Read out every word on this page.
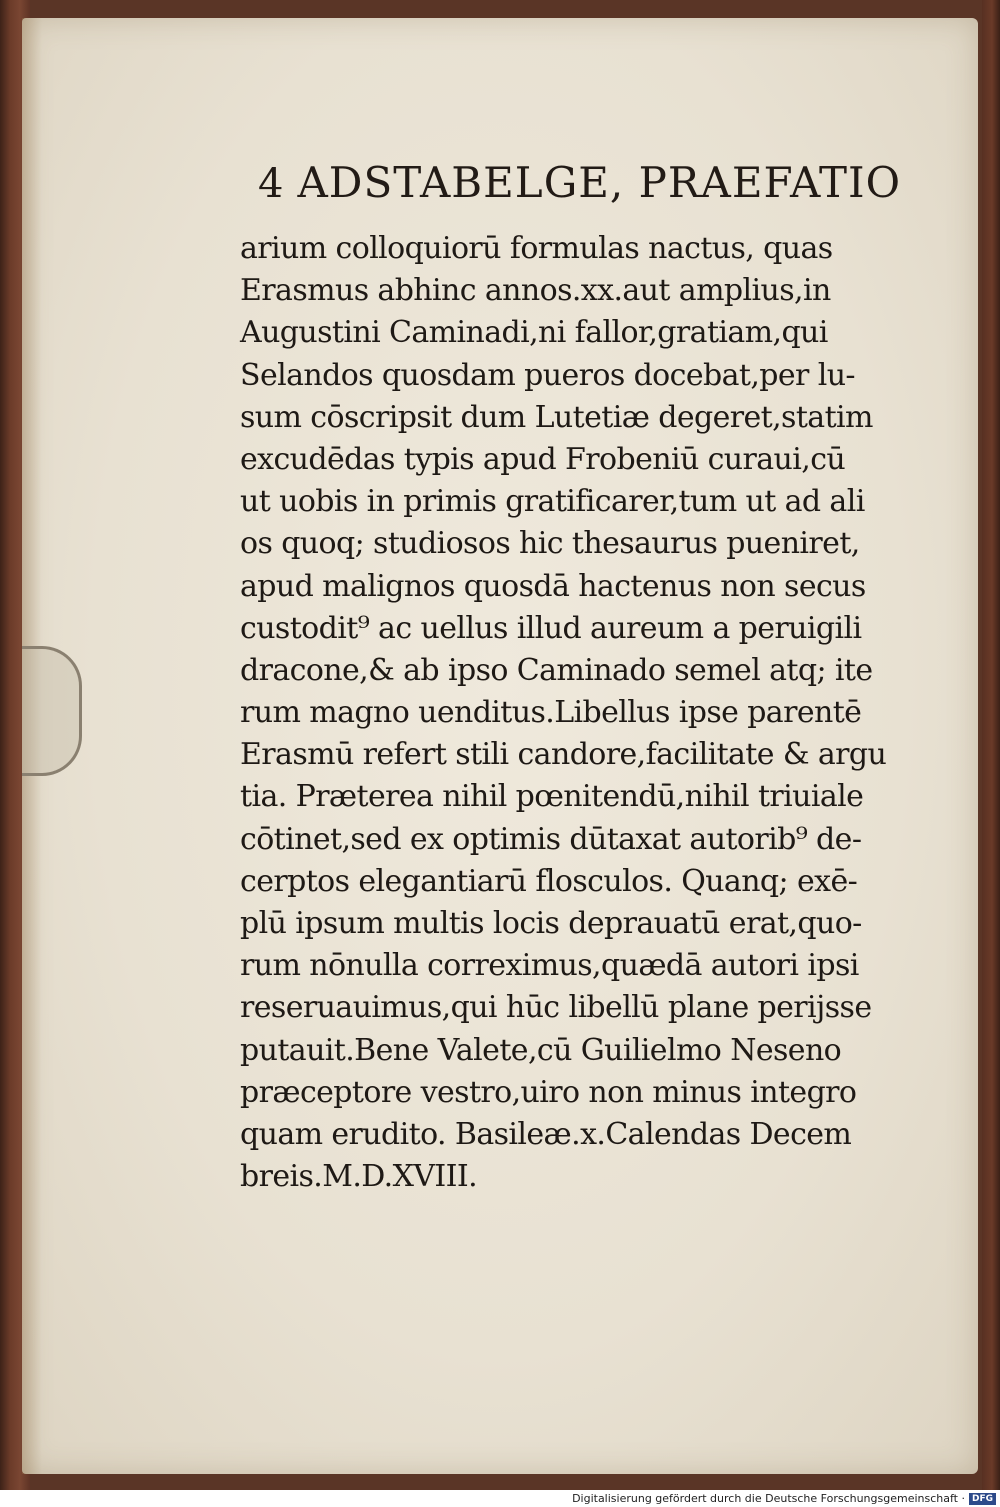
4 ADSTABELGE, PRAEFATIO
arium colloquiorū formulas nactus, quas
Erasmus abhinc annos.xx.aut amplius,in
Augustini Caminadi,ni fallor,gratiam,qui
Selandos quosdam pueros docebat,per lu-
sum cōscripsit dum Lutetiæ degeret,statim
excudēdas typis apud Frobeniū curaui,cū
ut uobis in primis gratificarer,tum ut ad ali
os quoq; studiosos hic thesaurus pueniret,
apud malignos quosdā hactenus non secus
custodit⁹ ac uellus illud aureum a peruigili
dracone,& ab ipso Caminado semel atq; ite
rum magno uenditus.Libellus ipse parentē
Erasmū refert stili candore,facilitate & argu
tia. Præterea nihil pœnitendū,nihil triuiale
cōtinet,sed ex optimis dūtaxat autorib⁹ de-
cerptos elegantiarū flosculos. Quanq; exē-
plū ipsum multis locis deprauatū erat,quo-
rum nōnulla correximus,quædā autori ipsi
reseruauimus,qui hūc libellū plane perijsse
putauit.Bene Valete,cū Guilielmo Neseno
præceptore vestro,uiro non minus integro
quam erudito. Basileæ.x.Calendas Decem
breis.M.D.XVIII.
Digitalisierung gefördert durch die Deutsche Forschungsgemeinschaft · DFG
